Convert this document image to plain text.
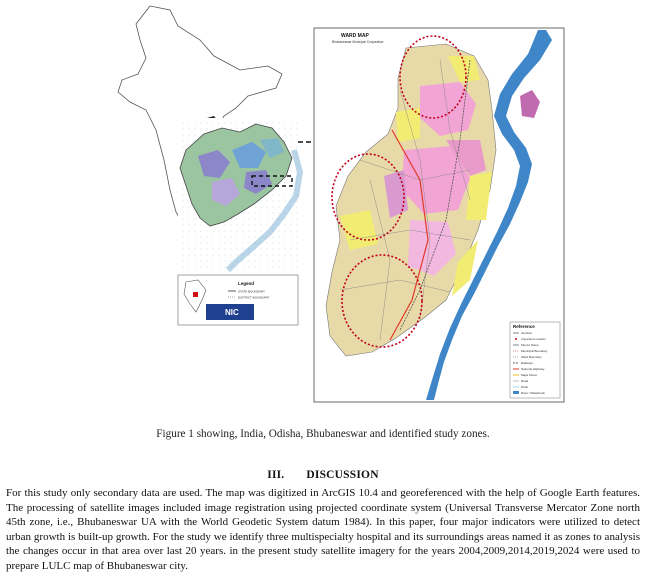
Legend
STATE BOUNDARY
DISTRICT BOUNDARY
NIC
WARD MAP
Bhubaneswar Municipal Corporation
Reference
Junction
Important Location
Mouza Name
Municipal Boundary
Ward Boundary
Railways
National Highway
Major Road
Road
Drain
River / Waterbody
Figure 1 showing, India, Odisha, Bhubaneswar and identified study zones.
III. DISCUSSION
For this study only secondary data are used. The map was digitized in ArcGIS 10.4 and georeferenced with the help of Google Earth features. The processing of satellite images included image registration using projected coordinate system (Universal Transverse Mercator Zone north 45th zone, i.e., Bhubaneswar UA with the World Geodetic System datum 1984). In this paper, four major indicators were utilized to detect urban growth is built-up growth. For the study we identify three multispecialty hospital and its surroundings areas named it as zones to analysis the changes occur in that area over last 20 years. in the present study satellite imagery for the years 2004,2009,2014,2019,2024 were used to prepare LULC map of Bhubaneswar city.
